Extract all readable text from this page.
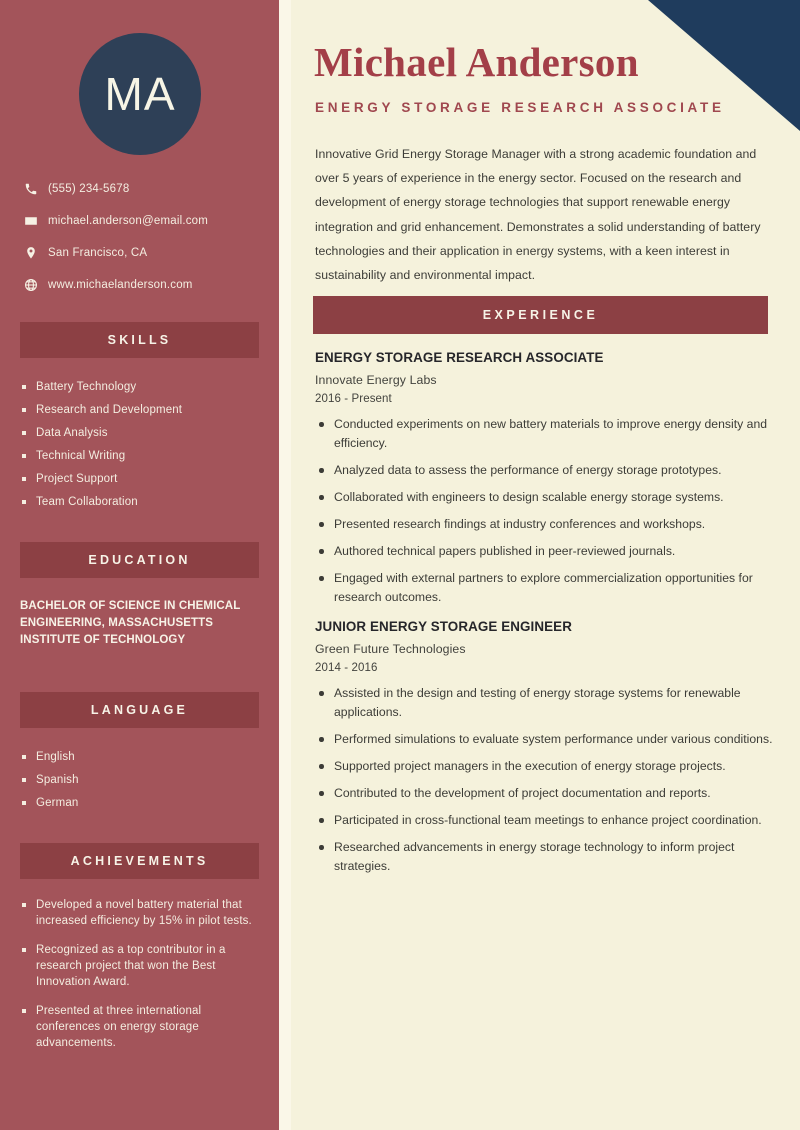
Michael Anderson
ENERGY STORAGE RESEARCH ASSOCIATE
Innovative Grid Energy Storage Manager with a strong academic foundation and over 5 years of experience in the energy sector. Focused on the research and development of energy storage technologies that support renewable energy integration and grid enhancement. Demonstrates a solid understanding of battery technologies and their application in energy systems, with a keen interest in sustainability and environmental impact.
EXPERIENCE

ENERGY STORAGE RESEARCH ASSOCIATE

Innovate Energy Labs

2016 - Present

Conducted experiments on new battery materials to improve energy density and efficiency.
Analyzed data to assess the performance of energy storage prototypes.
Collaborated with engineers to design scalable energy storage systems.
Presented research findings at industry conferences and workshops.
Authored technical papers published in peer-reviewed journals.
Engaged with external partners to explore commercialization opportunities for research outcomes.

JUNIOR ENERGY STORAGE ENGINEER

Green Future Technologies

2014 - 2016

Assisted in the design and testing of energy storage systems for renewable applications.
Performed simulations to evaluate system performance under various conditions.
Supported project managers in the execution of energy storage projects.
Contributed to the development of project documentation and reports.
Participated in cross-functional team meetings to enhance project coordination.
Researched advancements in energy storage technology to inform project strategies.
MA
(555) 234-5678
michael.anderson@email.com
San Francisco, CA
www.michaelanderson.com
SKILLS
Battery Technology
Research and Development
Data Analysis
Technical Writing
Project Support
Team Collaboration
EDUCATION
BACHELOR OF SCIENCE IN CHEMICAL ENGINEERING, MASSACHUSETTS INSTITUTE OF TECHNOLOGY
LANGUAGE
English
Spanish
German
ACHIEVEMENTS
Developed a novel battery material that increased efficiency by 15% in pilot tests.
Recognized as a top contributor in a research project that won the Best Innovation Award.
Presented at three international conferences on energy storage advancements.
